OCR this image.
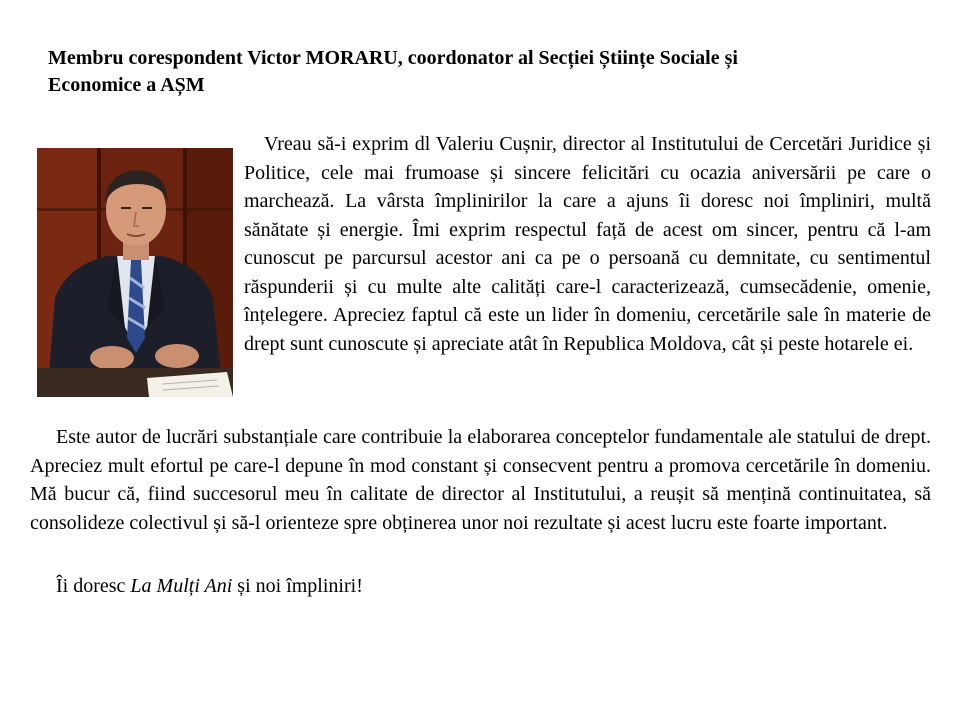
Membru corespondent Victor MORARU, coordonator al Secției Științe Sociale și
Economice a AȘM

Vreau să-i exprim dl Valeriu Cușnir, director al Institutului de Cercetări Juridice și Politice, cele mai frumoase și sincere felicitări cu ocazia aniversării pe care o marchează. La vârsta împlinirilor la care a ajuns îi doresc noi împliniri, multă sănătate și energie. Îmi exprim respectul față de acest om sincer, pentru că l-am cunoscut pe parcursul acestor ani ca pe o persoană cu demnitate, cu sentimentul răspunderii și cu multe alte calități care-l caracterizează, cumsecădenie, omenie, înțelegere. Apreciez faptul că este un lider în domeniu, cercetările sale în materie de drept sunt cunoscute și apreciate atât în Republica Moldova, cât și peste hotarele ei.

Este autor de lucrări substanțiale care contribuie la elaborarea conceptelor fundamentale ale statului de drept. Apreciez mult efortul pe care-l depune în mod constant și consecvent pentru a promova cercetările în domeniu. Mă bucur că, fiind succesorul meu în calitate de director al Institutului, a reușit să mențină continuitatea, să consolideze colectivul și să-l orienteze spre obținerea unor noi rezultate și acest lucru este foarte important.

Îi doresc La Mulți Ani și noi împliniri!
